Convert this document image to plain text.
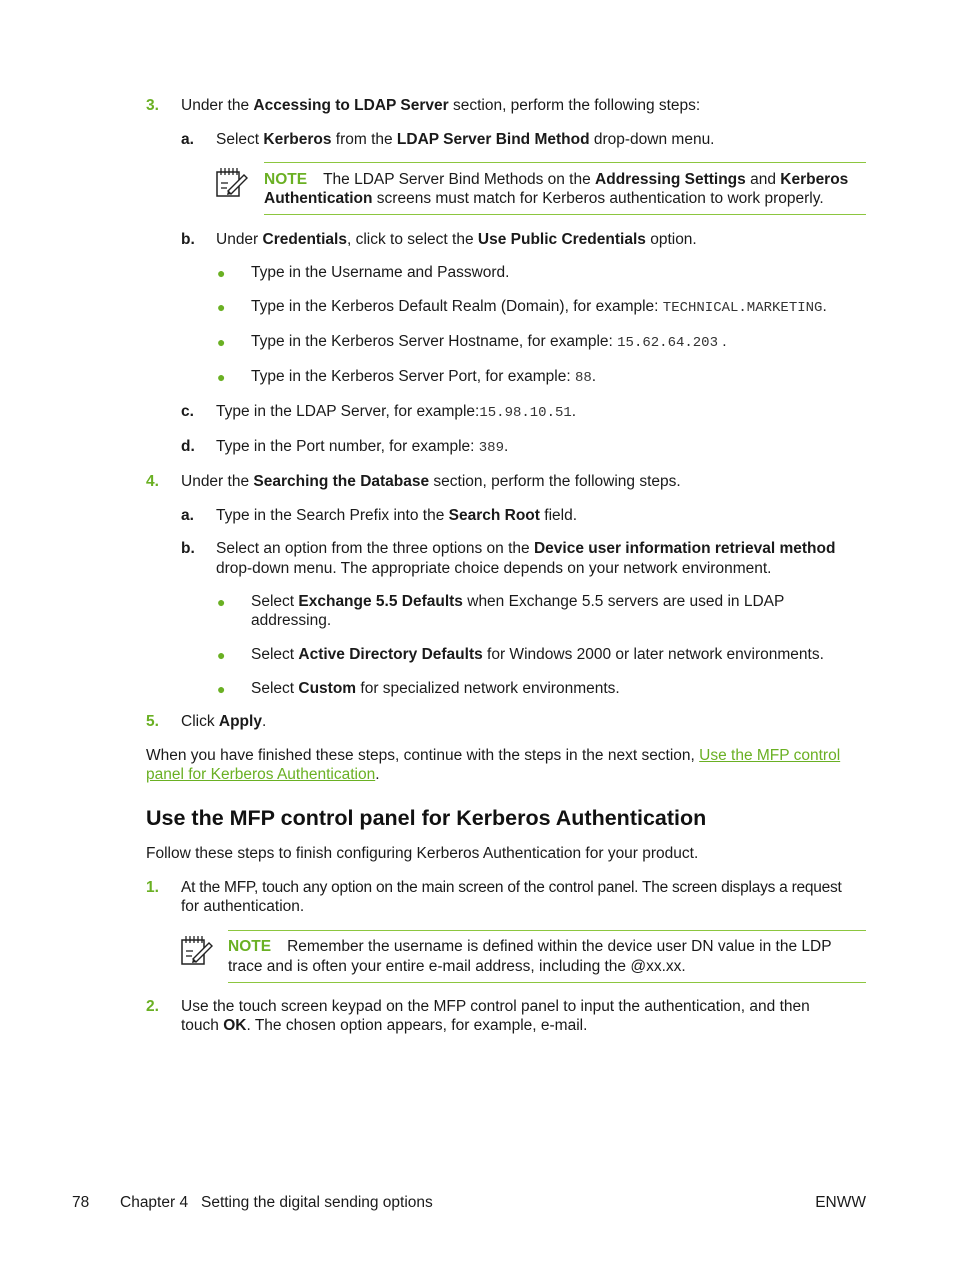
3. Under the Accessing to LDAP Server section, perform the following steps:
a. Select Kerberos from the LDAP Server Bind Method drop-down menu.
NOTE The LDAP Server Bind Methods on the Addressing Settings and Kerberos
Authentication screens must match for Kerberos authentication to work properly.
b. Under Credentials, click to select the Use Public Credentials option.
● Type in the Username and Password.
● Type in the Kerberos Default Realm (Domain), for example: TECHNICAL.MARKETING.
● Type in the Kerberos Server Hostname, for example: 15.62.64.203 .
● Type in the Kerberos Server Port, for example: 88.
c. Type in the LDAP Server, for example:15.98.10.51.
d. Type in the Port number, for example: 389.
4. Under the Searching the Database section, perform the following steps.
a. Type in the Search Prefix into the Search Root field.
b. Select an option from the three options on the Device user information retrieval method
drop-down menu. The appropriate choice depends on your network environment.
● Select Exchange 5.5 Defaults when Exchange 5.5 servers are used in LDAP
addressing.
● Select Active Directory Defaults for Windows 2000 or later network environments.
● Select Custom for specialized network environments.
5. Click Apply.
When you have finished these steps, continue with the steps in the next section, Use the MFP control
panel for Kerberos Authentication.
Use the MFP control panel for Kerberos Authentication
Follow these steps to finish configuring Kerberos Authentication for your product.
1. At the MFP, touch any option on the main screen of the control panel. The screen displays a request
for authentication.
NOTE Remember the username is defined within the device user DN value in the LDP
trace and is often your entire e-mail address, including the @xx.xx.
2. Use the touch screen keypad on the MFP control panel to input the authentication, and then
touch OK. The chosen option appears, for example, e-mail.
78 Chapter 4   Setting the digital sending options	ENWW
